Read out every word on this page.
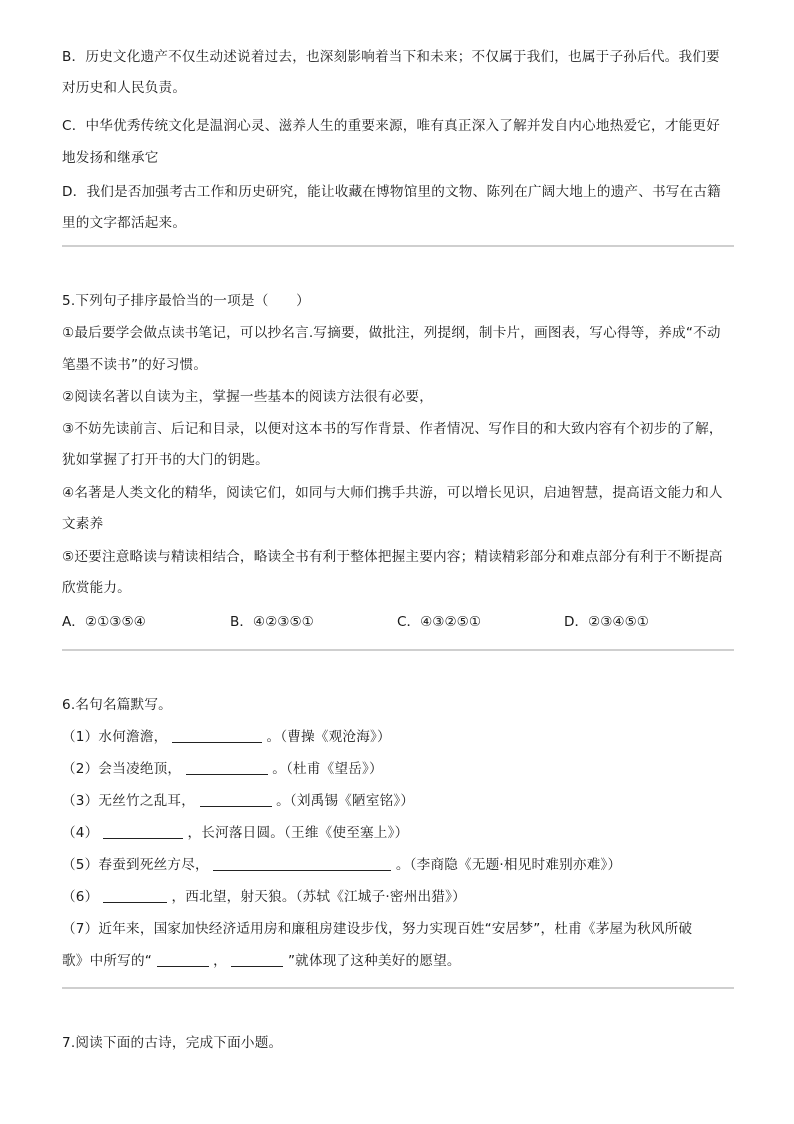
B．历史文化遗产不仅生动述说着过去，也深刻影响着当下和未来；不仅属于我们，也属于子孙后代。我们要
对历史和人民负责。
C．中华优秀传统文化是温润心灵、滋养人生的重要来源，唯有真正深入了解并发自内心地热爱它，才能更好
地发扬和继承它
D．我们是否加强考古工作和历史研究，能让收藏在博物馆里的文物、陈列在广阔大地上的遗产、书写在古籍
里的文字都活起来。
5.下列句子排序最恰当的一项是（　　）
①最后要学会做点读书笔记，可以抄名言.写摘要，做批注，列提纲，制卡片，画图表，写心得等，养成“不动
笔墨不读书”的好习惯。
②阅读名著以自读为主，掌握一些基本的阅读方法很有必要，
③不妨先读前言、后记和目录，以便对这本书的写作背景、作者情况、写作目的和大致内容有个初步的了解，
犹如掌握了打开书的大门的钥匙。
④名著是人类文化的精华，阅读它们，如同与大师们携手共游，可以增长见识，启迪智慧，提高语文能力和人
文素养
⑤还要注意略读与精读相结合，略读全书有利于整体把握主要内容；精读精彩部分和难点部分有利于不断提高
欣赏能力。
A．②①③⑤④	B．④②③⑤①	C．④③②⑤①	D．②③④⑤①
6.名句名篇默写。
（1）水何澹澹，	。（曹操《观沧海》）
（2）会当凌绝顶，	。（杜甫《望岳》）
（3）无丝竹之乱耳，	。（刘禹锡《陋室铭》）
（4）	，长河落日圆。（王维《使至塞上》）
（5）春蚕到死丝方尽，	。（李商隐《无题·相见时难别亦难》）
（6）	，西北望，射天狼。（苏轼《江城子·密州出猎》）
（7）近年来，国家加快经济适用房和廉租房建设步伐，努力实现百姓“安居梦”，杜甫《茅屋为秋风所破
歌》中所写的“	，	”就体现了这种美好的愿望。
7.阅读下面的古诗，完成下面小题。
